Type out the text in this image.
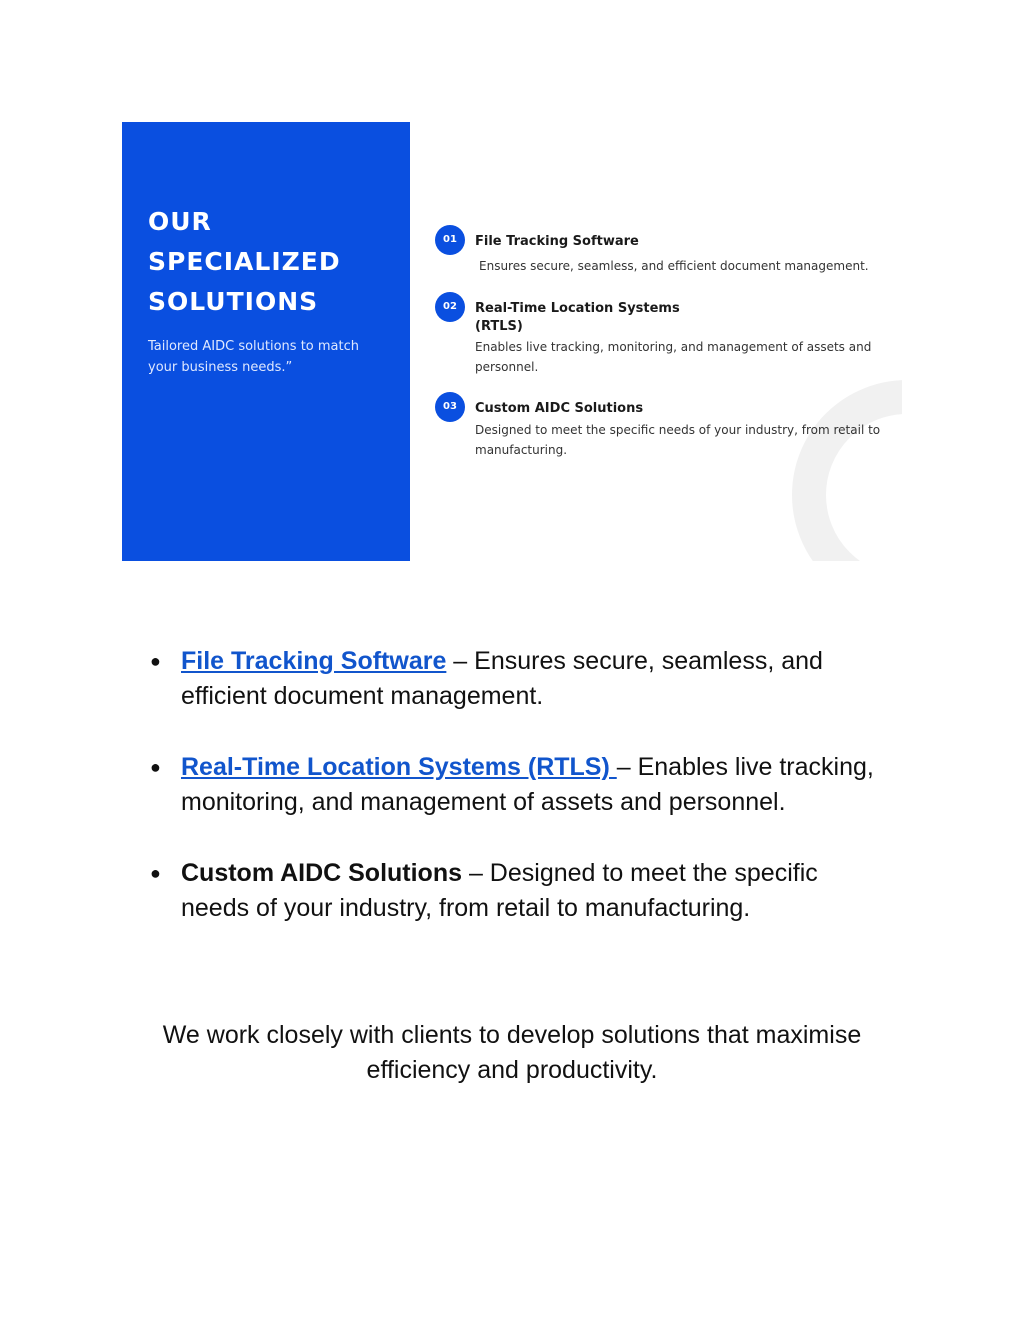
OUR
SPECIALIZED
SOLUTIONS

Tailored AIDC solutions to match your business needs.”

01	File Tracking Software

Ensures secure, seamless, and efficient document management.

02	Real-Time Location Systems (RTLS)

Enables live tracking, monitoring, and management of assets and personnel.

03	Custom AIDC Solutions

Designed to meet the specific needs of your industry, from retail to manufacturing.

● File Tracking Software – Ensures secure, seamless, and efficient document management.
● Real-Time Location Systems (RTLS) – Enables live tracking, monitoring, and management of assets and personnel.
● Custom AIDC Solutions – Designed to meet the specific needs of your industry, from retail to manufacturing.

We work closely with clients to develop solutions that maximise efficiency and productivity.
